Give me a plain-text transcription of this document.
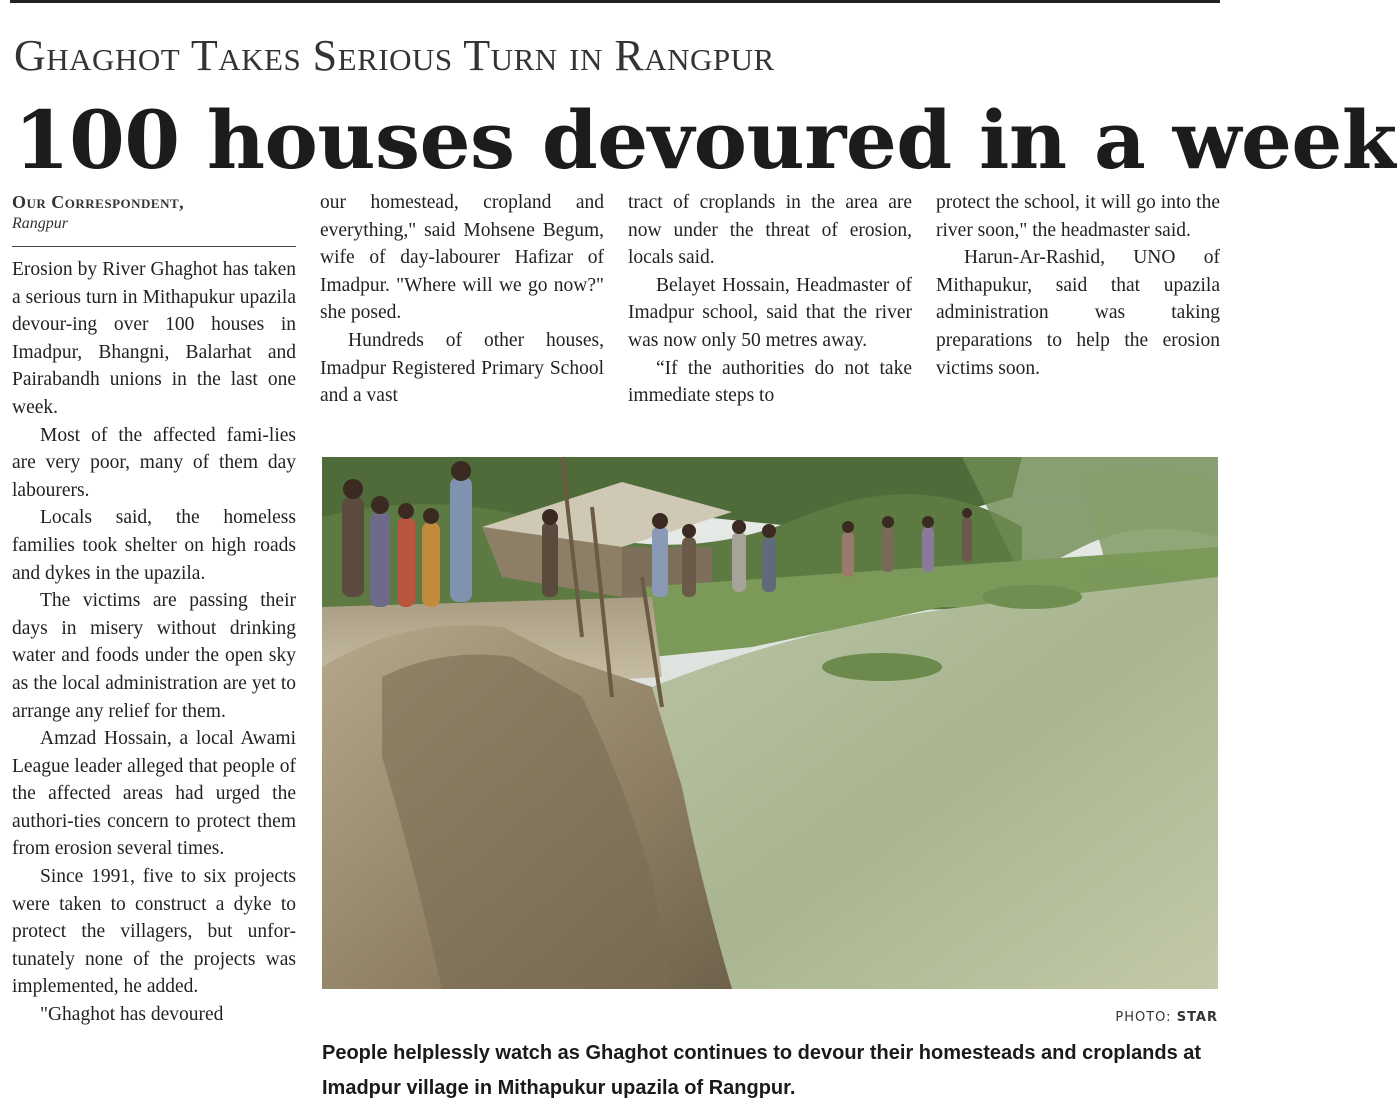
Ghaghot Takes Serious Turn in Rangpur
100 houses devoured in a week
Our Correspondent,
Rangpur

Erosion by River Ghaghot has taken a serious turn in Mithapukur upazila devour-ing over 100 houses in Imadpur, Bhangni, Balarhat and Pairabandh unions in the last one week.

Most of the affected fami-lies are very poor, many of them day labourers.

Locals said, the homeless families took shelter on high roads and dykes in the upazila.

The victims are passing their days in misery without drinking water and foods under the open sky as the local administration are yet to arrange any relief for them.

Amzad Hossain, a local Awami League leader alleged that people of the affected areas had urged the authori-ties concern to protect them from erosion several times.

Since 1991, five to six projects were taken to construct a dyke to protect the villagers, but unfor-tunately none of the projects was implemented, he added.

"Ghaghot has devoured

our homestead, cropland and everything," said Mohsene Begum, wife of day-labourer Hafizar of Imadpur. "Where will we go now?" she posed.

Hundreds of other houses, Imadpur Registered Primary School and a vast

tract of croplands in the area are now under the threat of erosion, locals said.

Belayet Hossain, Headmaster of Imadpur school, said that the river was now only 50 metres away.

“If the authorities do not take immediate steps to

protect the school, it will go into the river soon," the headmaster said.

Harun-Ar-Rashid, UNO of Mithapukur, said that upazila administration was taking preparations to help the erosion victims soon.

PHOTO: STAR
People helplessly watch as Ghaghot continues to devour their homesteads and croplands at Imadpur village in Mithapukur upazila of Rangpur.
